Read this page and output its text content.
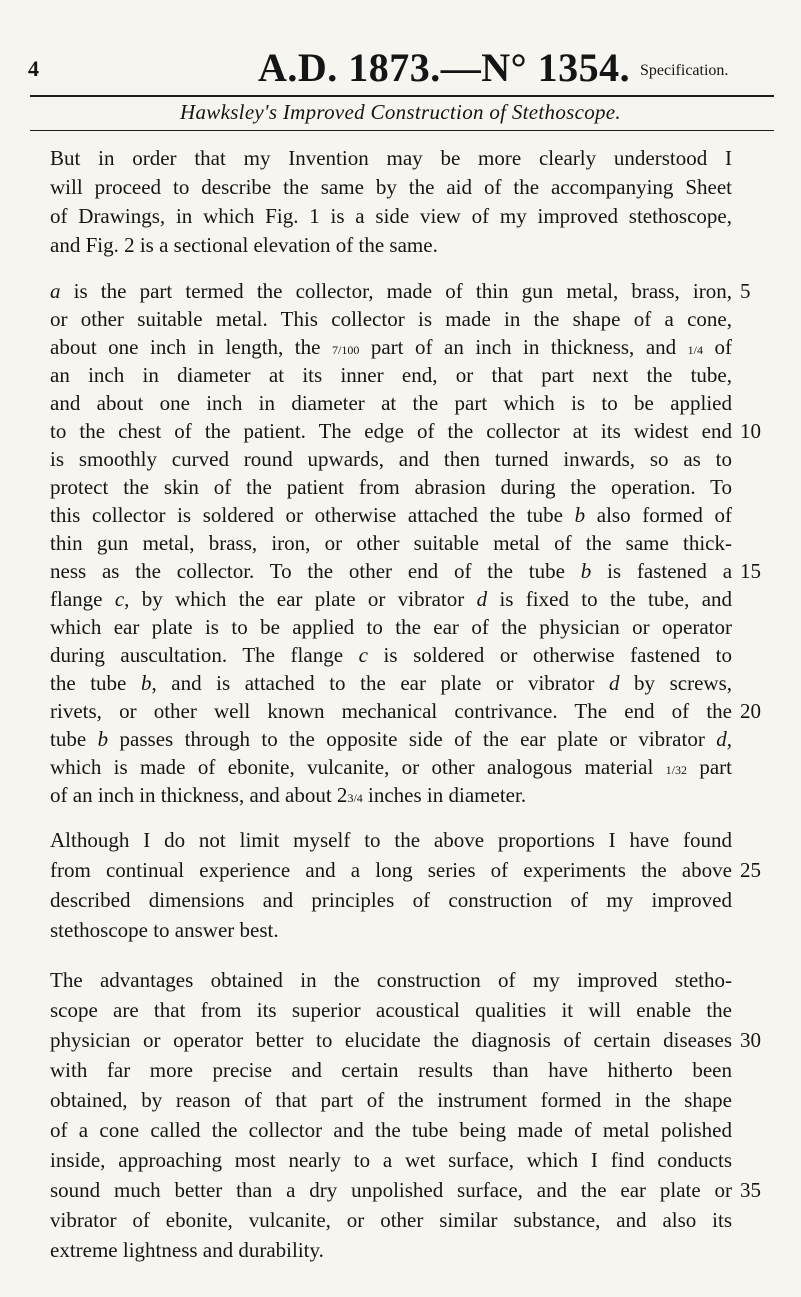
4	A.D. 1873.—N° 1354. Specification.
Hawksley's Improved Construction of Stethoscope.
But in order that my Invention may be more clearly understood I
will proceed to describe the same by the aid of the accompanying Sheet
of Drawings, in which Fig. 1 is a side view of my improved stethoscope,
and Fig. 2 is a sectional elevation of the same.
a is the part termed the collector, made of thin gun metal, brass, iron,
or other suitable metal. This collector is made in the shape of a cone,
about one inch in length, the 7/100 part of an inch in thickness, and 1/4 of
an inch in diameter at its inner end, or that part next the tube,
and about one inch in diameter at the part which is to be applied
to the chest of the patient. The edge of the collector at its widest end
is smoothly curved round upwards, and then turned inwards, so as to
protect the skin of the patient from abrasion during the operation. To
this collector is soldered or otherwise attached the tube b also formed of
thin gun metal, brass, iron, or other suitable metal of the same thick-
ness as the collector. To the other end of the tube b is fastened a
flange c, by which the ear plate or vibrator d is fixed to the tube, and
which ear plate is to be applied to the ear of the physician or operator
during auscultation. The flange c is soldered or otherwise fastened to
the tube b, and is attached to the ear plate or vibrator d by screws,
rivets, or other well known mechanical contrivance. The end of the
tube b passes through to the opposite side of the ear plate or vibrator d,
which is made of ebonite, vulcanite, or other analogous material 1/32 part
of an inch in thickness, and about 23/4 inches in diameter.
Although I do not limit myself to the above proportions I have found
from continual experience and a long series of experiments the above
described dimensions and principles of construction of my improved
stethoscope to answer best.
The advantages obtained in the construction of my improved stetho-
scope are that from its superior acoustical qualities it will enable the
physician or operator better to elucidate the diagnosis of certain diseases
with far more precise and certain results than have hitherto been
obtained, by reason of that part of the instrument formed in the shape
of a cone called the collector and the tube being made of metal polished
inside, approaching most nearly to a wet surface, which I find conducts
sound much better than a dry unpolished surface, and the ear plate or
vibrator of ebonite, vulcanite, or other similar substance, and also its
extreme lightness and durability.
5
10
15
20
25
30
35
